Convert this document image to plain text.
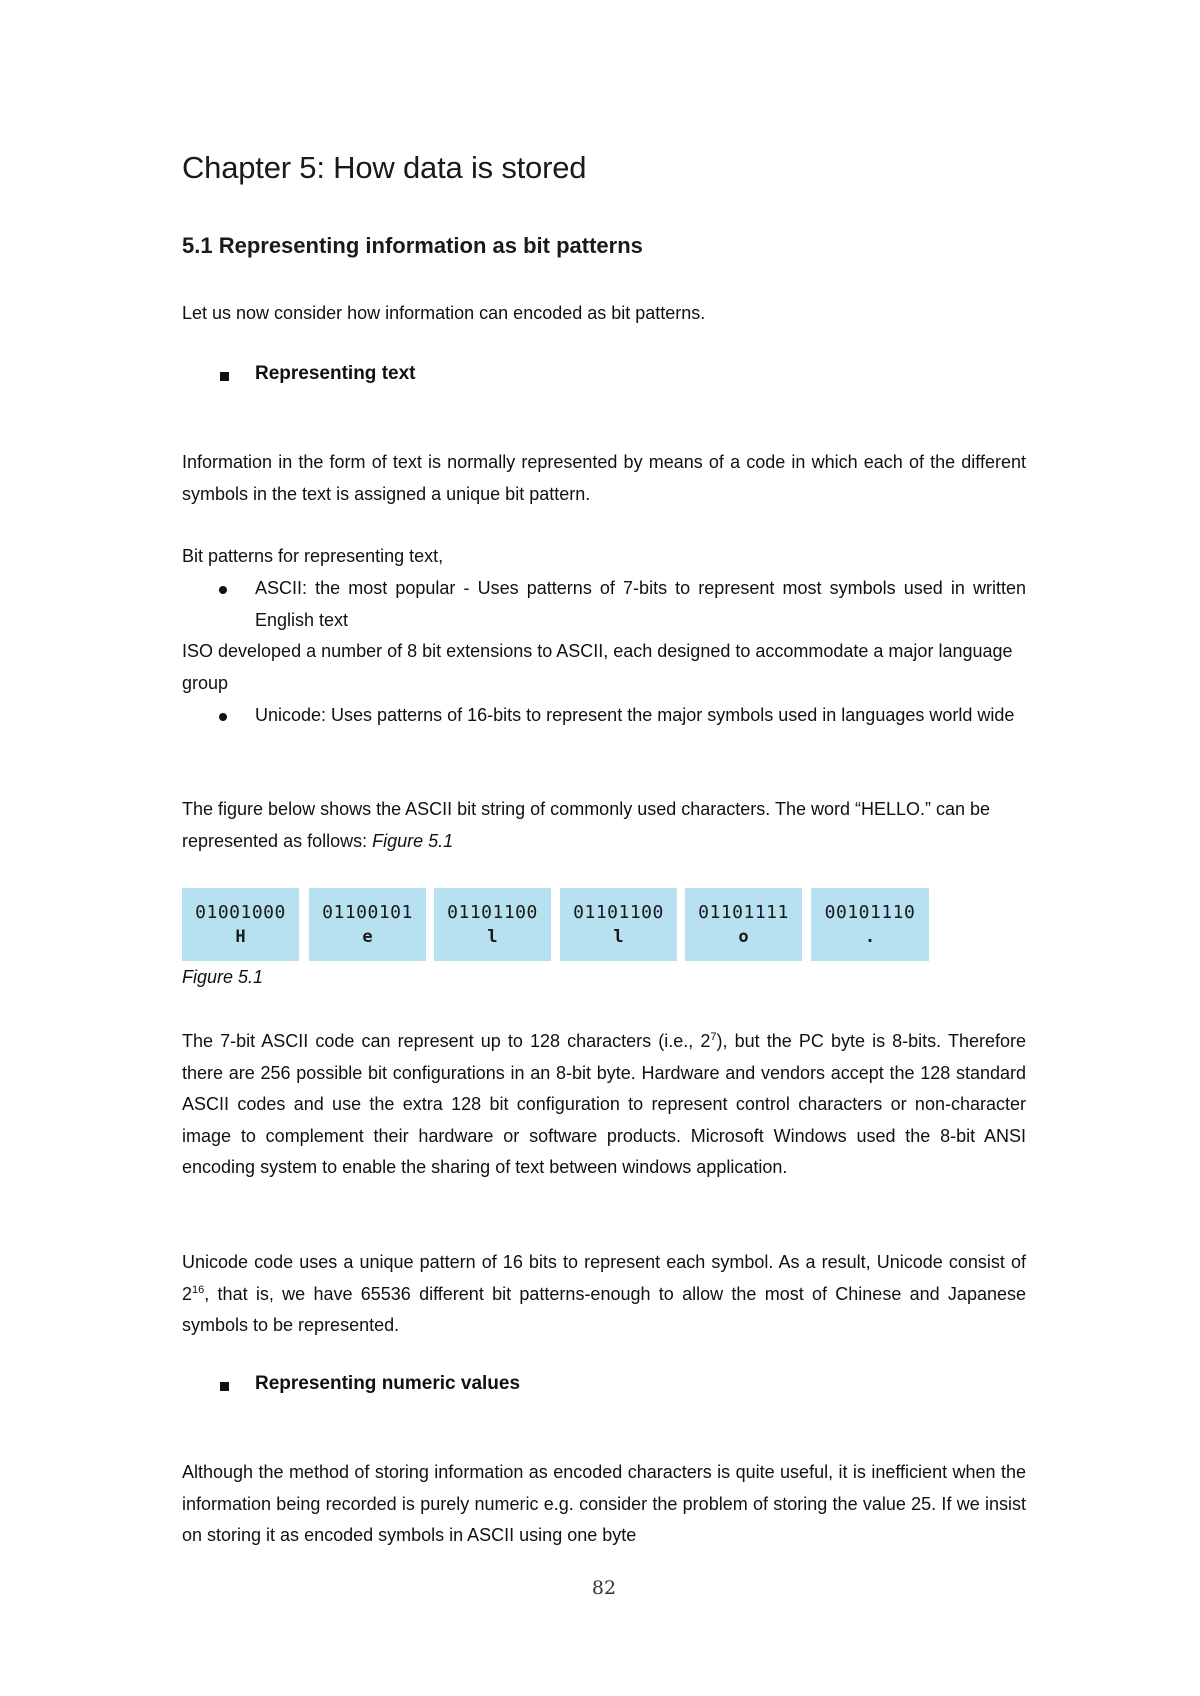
Chapter 5: How data is stored
5.1 Representing information as bit patterns

Let us now consider how information can encoded as bit patterns.

Representing text

Information in the form of text is normally represented by means of a code in which each of the different symbols in the text is assigned a unique bit pattern.

Bit patterns for representing text,

ASCII: the most popular - Uses patterns of 7-bits to represent most symbols used in written English text

ISO developed a number of 8 bit extensions to ASCII, each designed to accommodate a major language group

Unicode: Uses patterns of 16-bits to represent the major symbols used in languages world wide

The figure below shows the ASCII bit string of commonly used characters. The word “HELLO.” can be represented as follows: Figure 5.1

01001000
H
01100101
e
01101100
l
01101100
l
01101111
o
00101110
.

Figure 5.1

The 7-bit ASCII code can represent up to 128 characters (i.e., $2^7$), but the PC byte is 8-bits. Therefore there are 256 possible bit configurations in an 8-bit byte. Hardware and vendors accept the 128 standard ASCII codes and use the extra 128 bit configuration to represent control characters or non-character image to complement their hardware or software products. Microsoft Windows used the 8-bit ANSI encoding system to enable the sharing of text between windows application.

Unicode code uses a unique pattern of 16 bits to represent each symbol. As a result, Unicode consist of $2^{16}$, that is, we have 65536 different bit patterns-enough to allow the most of Chinese and Japanese symbols to be represented.

Representing numeric values

Although the method of storing information as encoded characters is quite useful, it is inefficient when the information being recorded is purely numeric e.g. consider the problem of storing the value 25. If we insist on storing it as encoded symbols in ASCII using one byte

82
